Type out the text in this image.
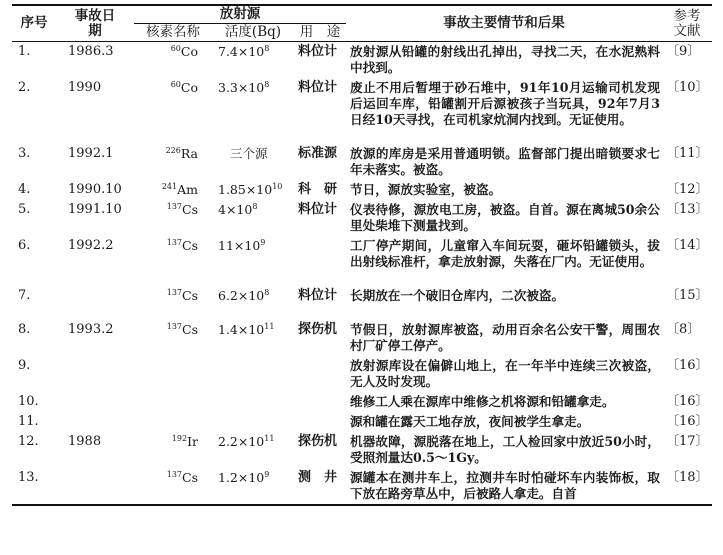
序号	事故日期	放射源			事故主要情节和后果	参考文献
		核素名称	活度(Bq)	用　途		
1.	1986.3	$^{60}$Co	$7.4\times 10^8$	料位计	放射源从铅罐的射线出孔掉出，寻找二天，在水泥熟料中找到。	〔9〕
2.	1990	$^{60}$Co	$3.3\times 10^8$	料位计	废止不用后暂埋于砂石堆中，91年10月运输司机发现后运回车库，铅罐割开后源被孩子当玩具，92年7月3日经10天寻找，在司机家炕洞内找到。无证使用。	〔10〕
3.	1992.1	$^{226}$Ra	三个源	标准源	放源的库房是采用普通明锁。监督部门提出暗锁要求七年未落实。被盗。	〔11〕
4.	1990.10	$^{241}$Am	$1.85\times 10^{10}$	科　研	节日，源放实验室，被盗。	〔12〕
5.	1991.10	$^{137}$Cs	$4\times 10^8$	料位计	仪表待修，源放电工房，被盗。自首。源在离城50余公里处柴堆下测量找到。	〔13〕
6.	1992.2	$^{137}$Cs	$11\times 10^9$		工厂停产期间，儿童窜入车间玩耍，砸坏铅罐锁头，拔出射线标准杆，拿走放射源，失落在厂内。无证使用。	〔14〕
7.		$^{137}$Cs	$6.2\times 10^8$	料位计	长期放在一个破旧仓库内，二次被盗。	〔15〕
8.	1993.2	$^{137}$Cs	$1.4\times 10^{11}$	探伤机	节假日，放射源库被盗，动用百余名公安干警，周围农村厂矿停工停产。	〔8〕
9.					放射源库设在偏僻山地上，在一年半中连续三次被盗，无人及时发现。	〔16〕
10.					维修工人乘在源库中维修之机将源和铅罐拿走。	〔16〕
11.					源和罐在露天工地存放，夜间被学生拿走。	〔16〕
12.	1988	$^{192}$Ir	$2.2\times 10^{11}$	探伤机	机器故障，源脱落在地上，工人检回家中放近50小时，受照剂量达0.5～1Gy。	〔17〕
13.		$^{137}$Cs	$1.2\times 10^9$	测　井	源罐本在测井车上，拉测井车时怕碰坏车内装饰板，取下放在路旁草丛中，后被路人拿走。自首	〔18〕
